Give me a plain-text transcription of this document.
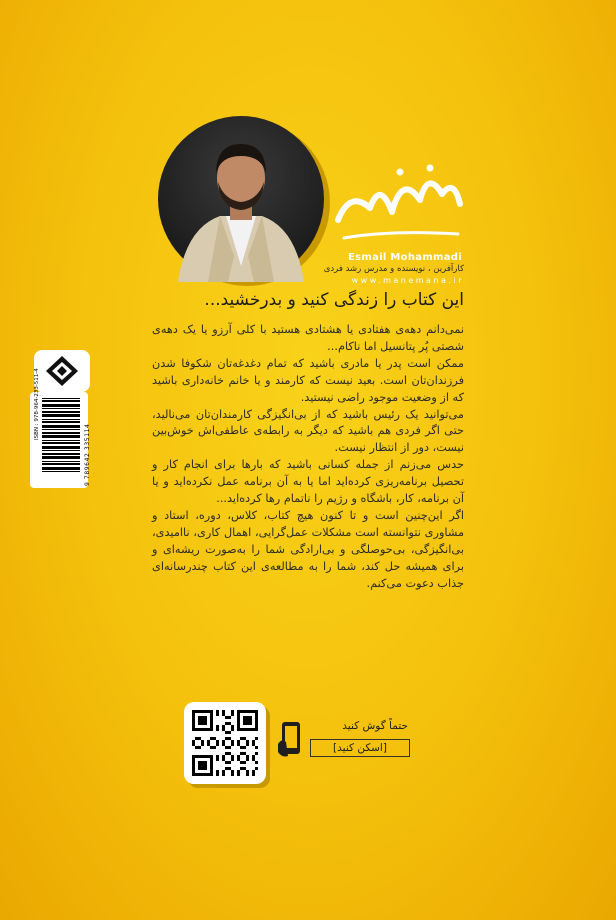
Esmail Mohammadi
کارآفرین ، نویسنده و مدرس رشد فردی
www.manemana.ir
این کتاب را زندگی کنید و بدرخشید...

نمی‌دانم دهه‌ی هفتادی یا هشتادی هستید با کلی آرزو یا یک دهه‌ی شصتی پُر پتانسیل اما ناکام...

ممکن است پدر یا مادری باشید که تمام دغدغه‌تان شکوفا شدن فرزندان‌تان است. بعید نیست که کارمند و یا خانم خانه‌داری باشید که از وضعیت موجود راضی نیستید.

می‌توانید یک رئیس باشید که از بی‌انگیزگی کارمندان‌تان می‌نالید، حتی اگر فردی هم باشید که دیگر به رابطه‌ی عاطفی‌اش خوش‌بین نیست، دور از انتظار نیست.

حدس می‌زنم از جمله کسانی باشید که بارها برای انجام کار و تحصیل برنامه‌ریزی کرده‌اید اما یا به آن برنامه عمل نکرده‌اید و یا آن برنامه، کار، باشگاه و رژیم را ناتمام رها کرده‌اید...

اگر این‌چنین است و تا کنون هیچ کتاب، کلاس، دوره، استاد و مشاوری نتوانسته است مشکلات عمل‌گرایی، اهمال کاری، ناامیدی، بی‌انگیزگی، بی‌حوصلگی و بی‌ارادگی شما را به‌صورت ریشه‌ای و برای همیشه حل کند، شما را به مطالعه‌ی این کتاب چندرسانه‌ای جذاب دعوت می‌کنم.

ISBN : 978-964-233-511-4
9 789642 335114
حتماً گوش کنید
[اسکن کنید]
